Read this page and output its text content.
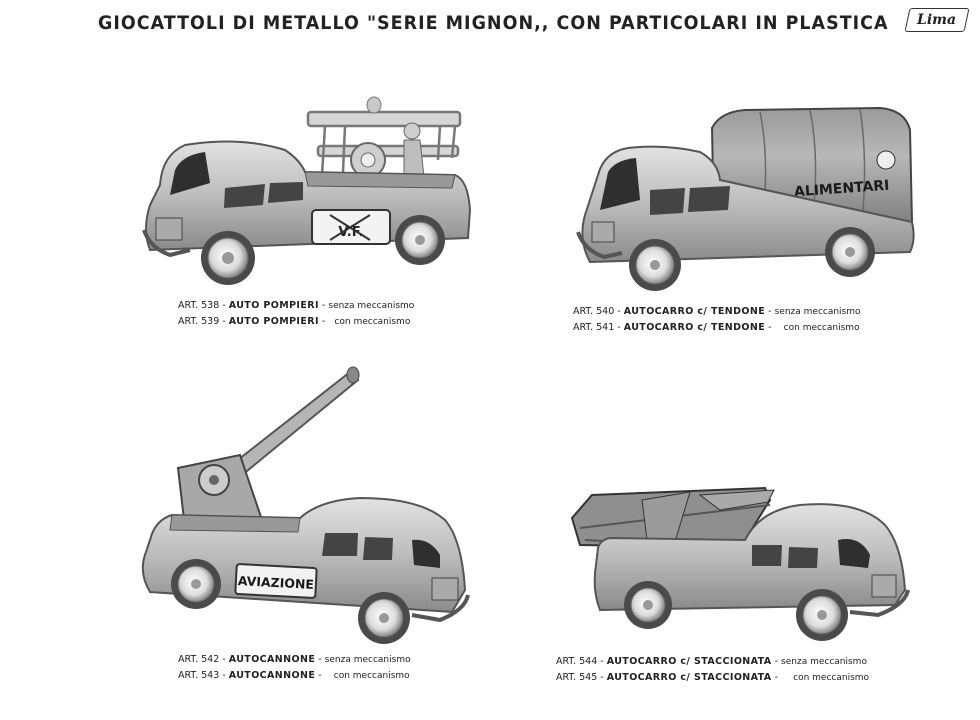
GIOCATTOLI DI METALLO "SERIE MIGNON,, CON PARTICOLARI IN PLASTICA Lima
V.F.
ART. 538 - AUTO POMPIERI - senza meccanismo
ART. 539 - AUTO POMPIERI -   con meccanismo
ALIMENTARI
ART. 540 - AUTOCARRO c/ TENDONE - senza meccanismo
ART. 541 - AUTOCARRO c/ TENDONE -    con meccanismo
AVIAZIONE
ART. 542 - AUTOCANNONE - senza meccanismo
ART. 543 - AUTOCANNONE -    con meccanismo
ART. 544 - AUTOCARRO c/ STACCIONATA - senza meccanismo
ART. 545 - AUTOCARRO c/ STACCIONATA -     con meccanismo
